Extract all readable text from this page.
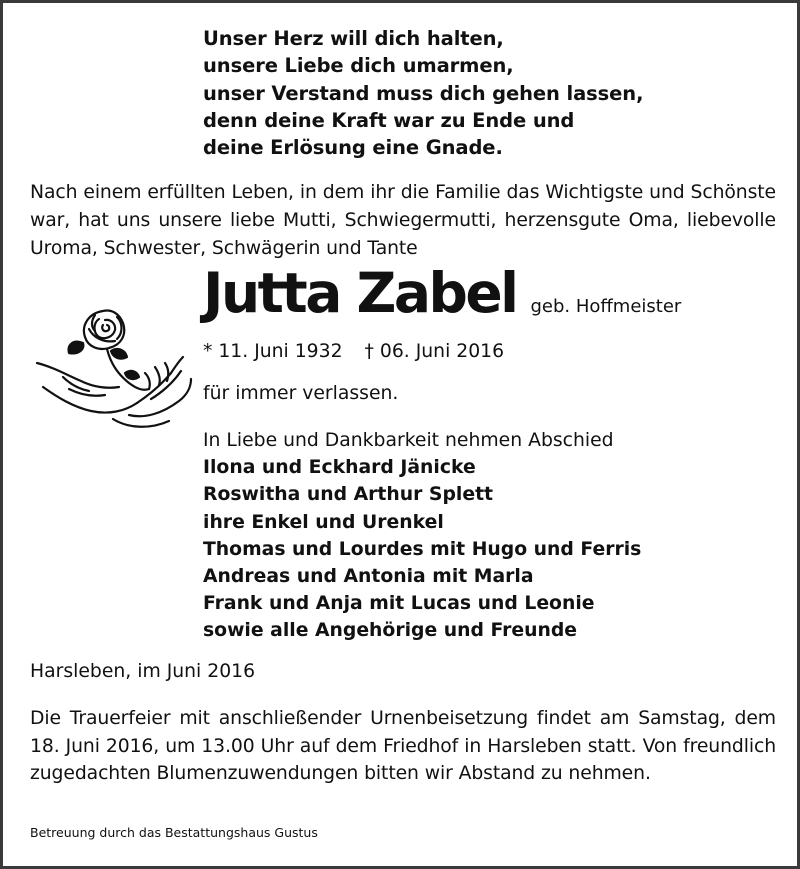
Unser Herz will dich halten,
unsere Liebe dich umarmen,
unser Verstand muss dich gehen lassen,
denn deine Kraft war zu Ende und
deine Erlösung eine Gnade.
Nach einem erfüllten Leben, in dem ihr die Familie das Wichtigste und Schönste war, hat uns unsere liebe Mutti, Schwiegermutti, herzensgute Oma, liebevolle Uroma, Schwester, Schwägerin und Tante
Jutta Zabel geb. Hoffmeister
* 11. Juni 1932 † 06. Juni 2016
für immer verlassen.
In Liebe und Dankbarkeit nehmen Abschied
Ilona und Eckhard Jänicke
Roswitha und Arthur Splett
ihre Enkel und Urenkel
Thomas und Lourdes mit Hugo und Ferris
Andreas und Antonia mit Marla
Frank und Anja mit Lucas und Leonie
sowie alle Angehörige und Freunde
Harsleben, im Juni 2016
Die Trauerfeier mit anschließender Urnenbeisetzung findet am Samstag, dem 18. Juni 2016, um 13.00 Uhr auf dem Friedhof in Harsleben statt. Von freundlich zugedachten Blumenzuwendungen bitten wir Abstand zu nehmen.
Betreuung durch das Bestattungshaus Gustus
